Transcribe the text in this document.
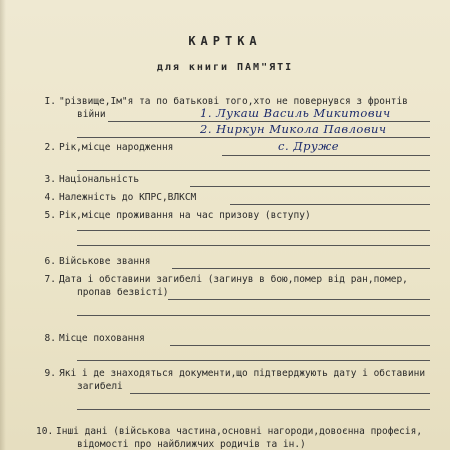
КАРТКА
для книги ПАМ"ЯТІ
I. "різвище,Ім"я та по батькові того,хто не повернувся з фронтів
війни	1. Лукаш Василь Микитович
2. Ниркун Микола Павлович
2. Рік,місце народження	с. Друже
3. Національність
4. Належність до КПРС,ВЛКСМ
5. Рік,місце проживання на час призову (вступу)
6. Військове звання
7. Дата і обставини загибелі (загинув в бою,помер від ран,помер,
пропав безвісті)
8. Місце поховання
9. Які і де знаходяться документи,що підтверджують дату і обставини
загибелі
10. Інші дані (військова частина,основні нагороди,довоєнна професія,
відомості про найближчих родичів та ін.)
